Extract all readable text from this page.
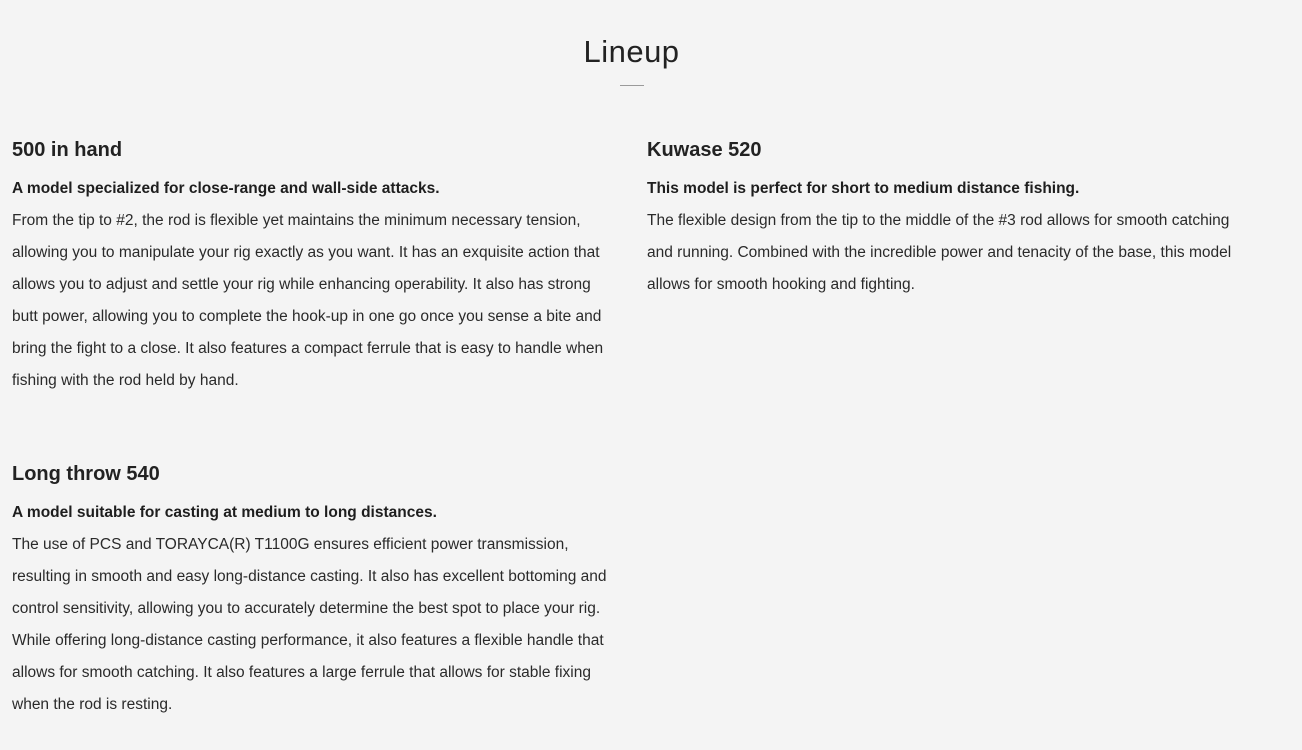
Lineup
500 in hand

A model specialized for close-range and wall-side attacks.

From the tip to #2, the rod is flexible yet maintains the minimum necessary tension, allowing you to manipulate your rig exactly as you want. It has an exquisite action that allows you to adjust and settle your rig while enhancing operability. It also has strong butt power, allowing you to complete the hook-up in one go once you sense a bite and bring the fight to a close. It also features a compact ferrule that is easy to handle when fishing with the rod held by hand.

Kuwase 520

This model is perfect for short to medium distance fishing.

The flexible design from the tip to the middle of the #3 rod allows for smooth catching and running. Combined with the incredible power and tenacity of the base, this model allows for smooth hooking and fighting.

Long throw 540

A model suitable for casting at medium to long distances.

The use of PCS and TORAYCA(R) T1100G ensures efficient power transmission, resulting in smooth and easy long-distance casting. It also has excellent bottoming and control sensitivity, allowing you to accurately determine the best spot to place your rig. While offering long-distance casting performance, it also features a flexible handle that allows for smooth catching. It also features a large ferrule that allows for stable fixing when the rod is resting.
